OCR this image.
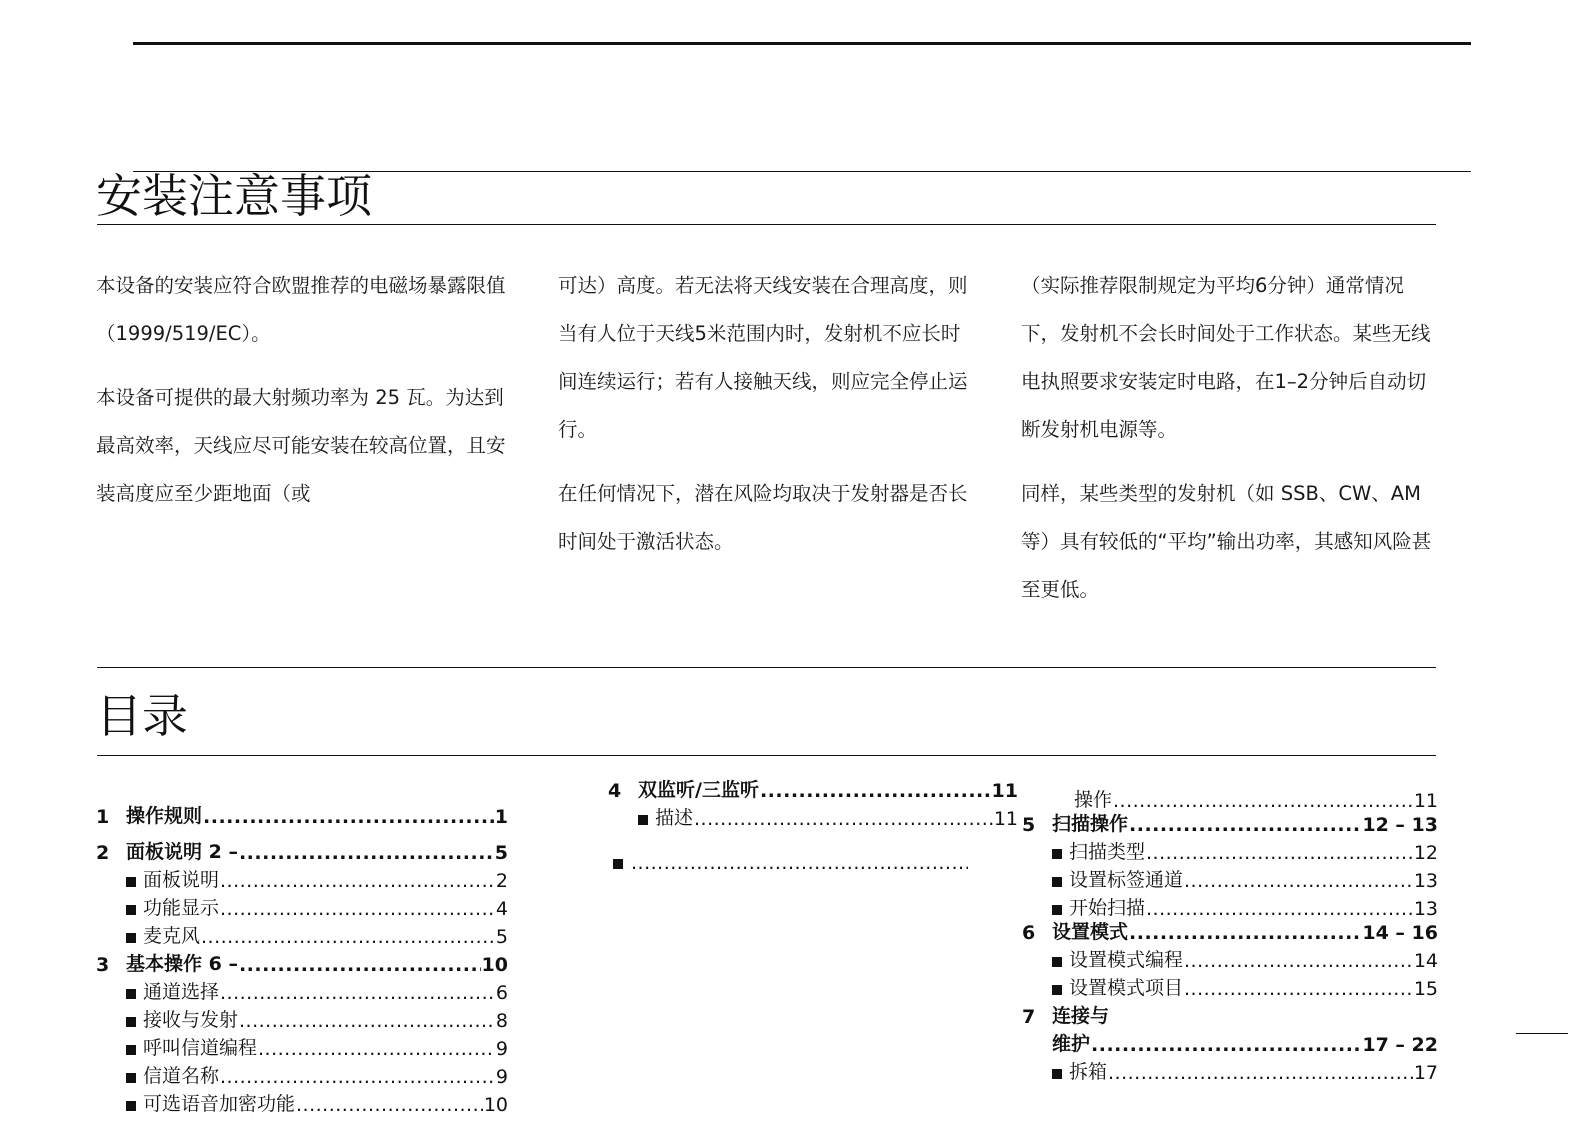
安装注意事项

本设备的安装应符合欧盟推荐的电磁场暴露限值（1999/519/EC）。

本设备可提供的最大射频功率为 25 瓦。为达到最高效率，天线应尽可能安装在较高位置，且安装高度应至少距地面（或

可达）高度。若无法将天线安装在合理高度，则当有人位于天线5米范围内时，发射机不应长时间连续运行；若有人接触天线，则应完全停止运行。

在任何情况下，潜在风险均取决于发射器是否长时间处于激活状态。

（实际推荐限制规定为平均6分钟）通常情况下，发射机不会长时间处于工作状态。某些无线电执照要求安装定时电路，在1–2分钟后自动切断发射机电源等。

同样，某些类型的发射机（如 SSB、CW、AM 等）具有较低的“平均”输出功率，其感知风险甚至更低。

目录
1 操作规则 .....	1
2 面板说明 2 – .....	5
面板说明 .....	2
功能显示 .....	4
麦克风 .....	5
3 基本操作 6 – .....	10
通道选择 .....	6
接收与发射 .....	8
呼叫信道编程 .....	9
信道名称 .....	9
可选语音加密功能 .....	10
4 双监听/三监听 .....	11
描述 .....	11
.....
操作 .....	11
5 扫描操作 .....	12 – 13
扫描类型 .....	12
设置标签通道 .....	13
开始扫描 .....	13
6 设置模式 .....	14 – 16
设置模式编程 .....	14
设置模式项目 .....	15
7 连接与
维护 .....	17 – 22
拆箱 .....	17
